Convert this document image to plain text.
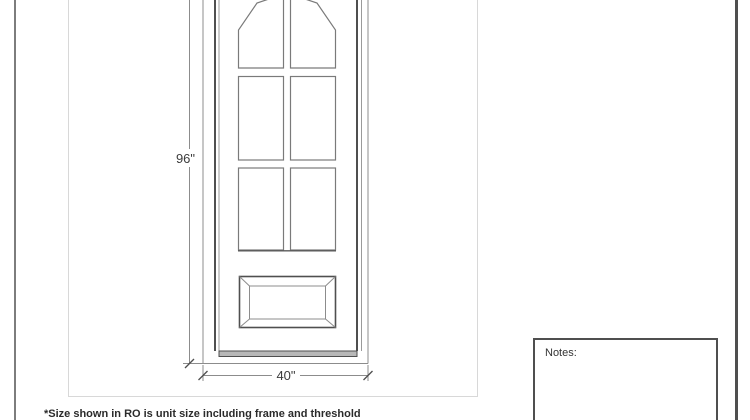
96"
40"
Notes:
*Size shown in RO is unit size including frame and threshold
